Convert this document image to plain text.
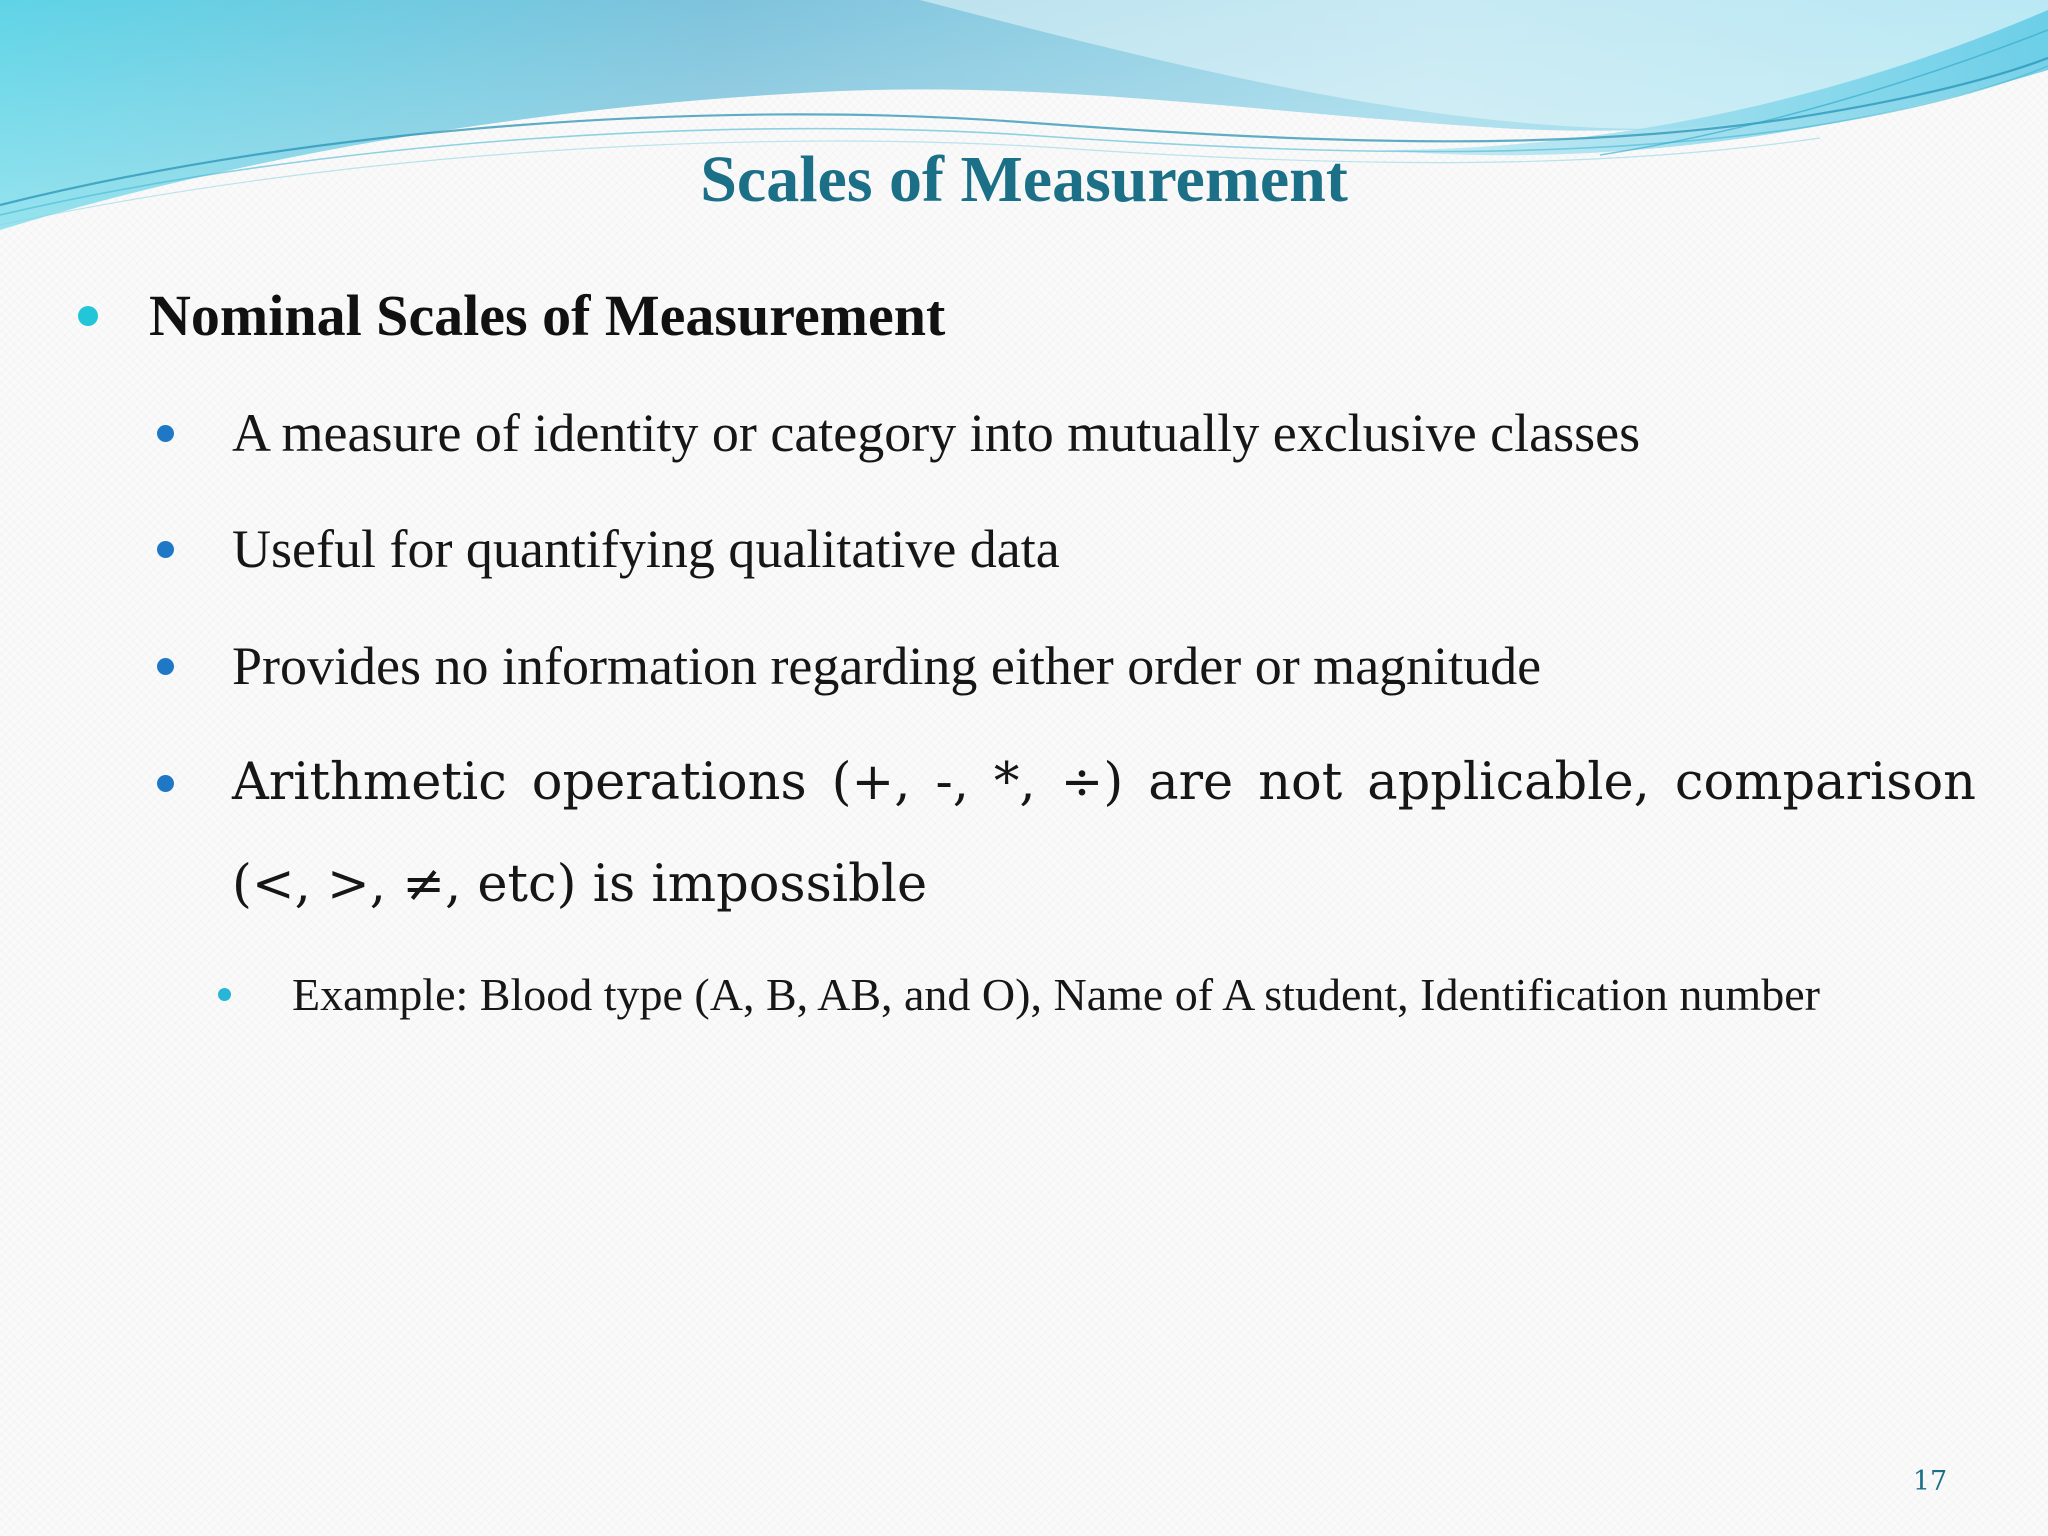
Scales of Measurement
Nominal Scales of Measurement
A measure of identity or category into mutually exclusive classes
Useful for quantifying qualitative data
Provides no information regarding either order or magnitude
Arithmetic operations (+, -, *, ÷) are not applicable, comparison (<, >, ≠, etc) is impossible
Example: Blood type (A, B, AB, and O), Name of A student, Identification number
17
